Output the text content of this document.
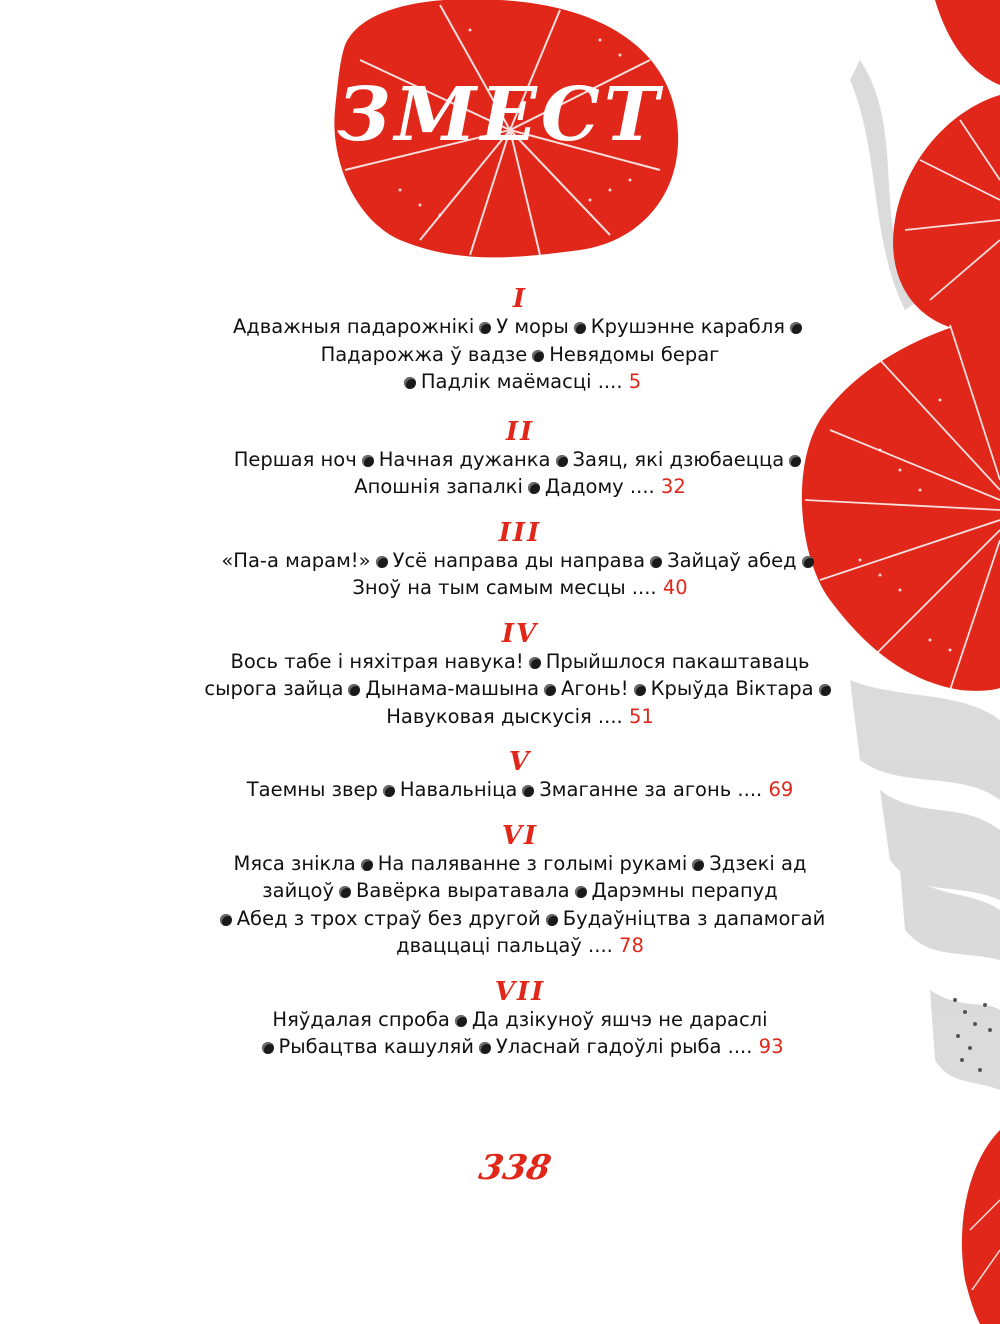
ЗМЕСТ
I
Адважныя падарожнікі У моры Крушэнне карабля
Падарожжа ў вадзе Невядомы бераг
Падлік маёмасці .... 5
II
Першая ноч Начная дужанка Заяц, які дзюбаецца
Апошнія запалкі Дадому .... 32
III
«Па-а марам!» Усё направа ды направа Зайцаў абед
Зноў на тым самым месцы .... 40
IV
Вось табе і няхітрая навука! Прыйшлося пакаштаваць
сырога зайца Дынама-машына Агонь! Крыўда Віктара
Навуковая дыскусія .... 51
V
Таемны звер Навальніца Змаганне за агонь .... 69
VI
Мяса знікла На паляванне з голымі рукамі Здзекі ад
зайцоў Вавёрка выратавала Дарэмны перапуд
Абед з трох страў без другой Будаўніцтва з дапамогай
дваццаці пальцаў .... 78
VII
Няўдалая спроба Да дзікуноў яшчэ не дараслі
Рыбацтва кашуляй Уласнай гадоўлі рыба .... 93
338
